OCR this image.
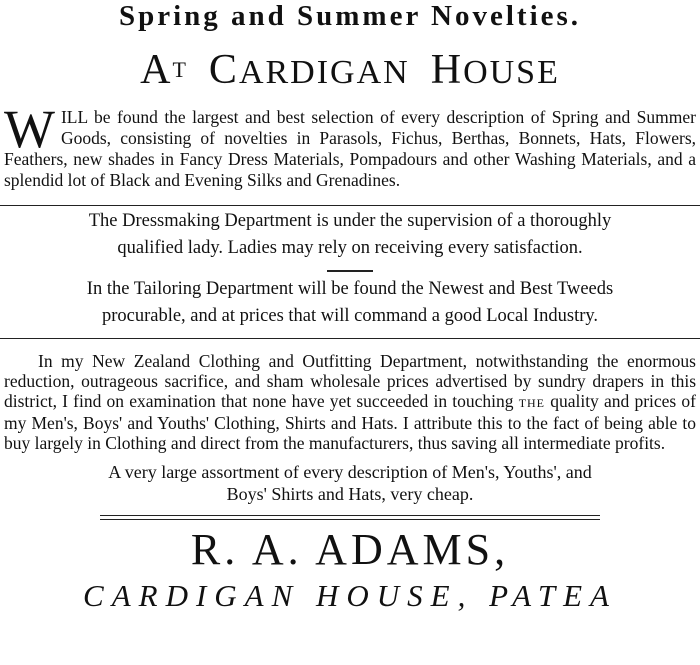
Spring and Summer Novelties.
$A^T$ CARDIGAN HOUSE
WILL be found the largest and best selection of every description of Spring and Summer Goods, consisting of novelties in Parasols, Fichus, Berthas, Bonnets, Hats, Flowers, Feathers, new shades in Fancy Dress Materials, Pompadours and other Washing Materials, and a splendid lot of Black and Evening Silks and Grenadines.

The Dressmaking Department is under the supervision of a thoroughly

qualified lady. Ladies may rely on receiving every satisfaction.

In the Tailoring Department will be found the Newest and Best Tweeds

procurable, and at prices that will command a good Local Industry.

In my New Zealand Clothing and Outfitting Department, notwithstanding the enormous reduction, outrageous sacrifice, and sham wholesale prices advertised by sundry drapers in this district, I find on examination that none have yet succeeded in touching THE quality and prices of my Men's, Boys' and Youths' Clothing, Shirts and Hats. I attribute this to the fact of being able to buy largely in Clothing and direct from the manufacturers, thus saving all intermediate profits.
A very large assortment of every description of Men's, Youths', and
Boys' Shirts and Hats, very cheap.

R. A. ADAMS,

CARDIGAN HOUSE, PATEA
